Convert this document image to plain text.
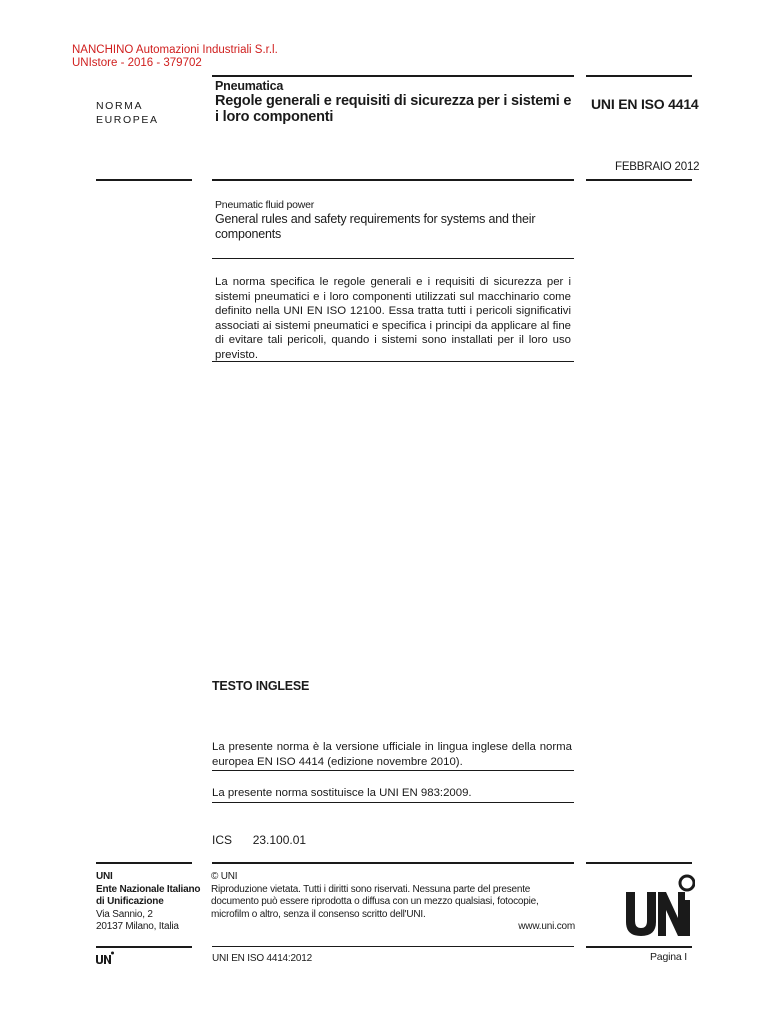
NANCHINO Automazioni Industriali S.r.l.
UNIstore - 2016 - 379702
NORMA
EUROPEA
Pneumatica
Regole generali e requisiti di sicurezza per i sistemi e i loro componenti
UNI EN ISO 4414
FEBBRAIO 2012
Pneumatic fluid power
General rules and safety requirements for systems and their components
La norma specifica le regole generali e i requisiti di sicurezza per i sistemi pneumatici e i loro componenti utilizzati sul macchinario come definito nella UNI EN ISO 12100. Essa tratta tutti i pericoli significativi associati ai sistemi pneumatici e specifica i principi da applicare al fine di evitare tali pericoli, quando i sistemi sono installati per il loro uso previsto.
TESTO INGLESE
La presente norma è la versione ufficiale in lingua inglese della norma europea EN ISO 4414 (edizione novembre 2010).
La presente norma sostituisce la UNI EN 983:2009.
ICS 23.100.01
UNI
Ente Nazionale Italiano
di Unificazione
Via Sannio, 2
20137 Milano, Italia
© UNI
Riproduzione vietata. Tutti i diritti sono riservati. Nessuna parte del presente documento può essere riprodotta o diffusa con un mezzo qualsiasi, fotocopie, microfilm o altro, senza il consenso scritto dell'UNI.
www.uni.com
UNI EN ISO 4414:2012	Pagina I
